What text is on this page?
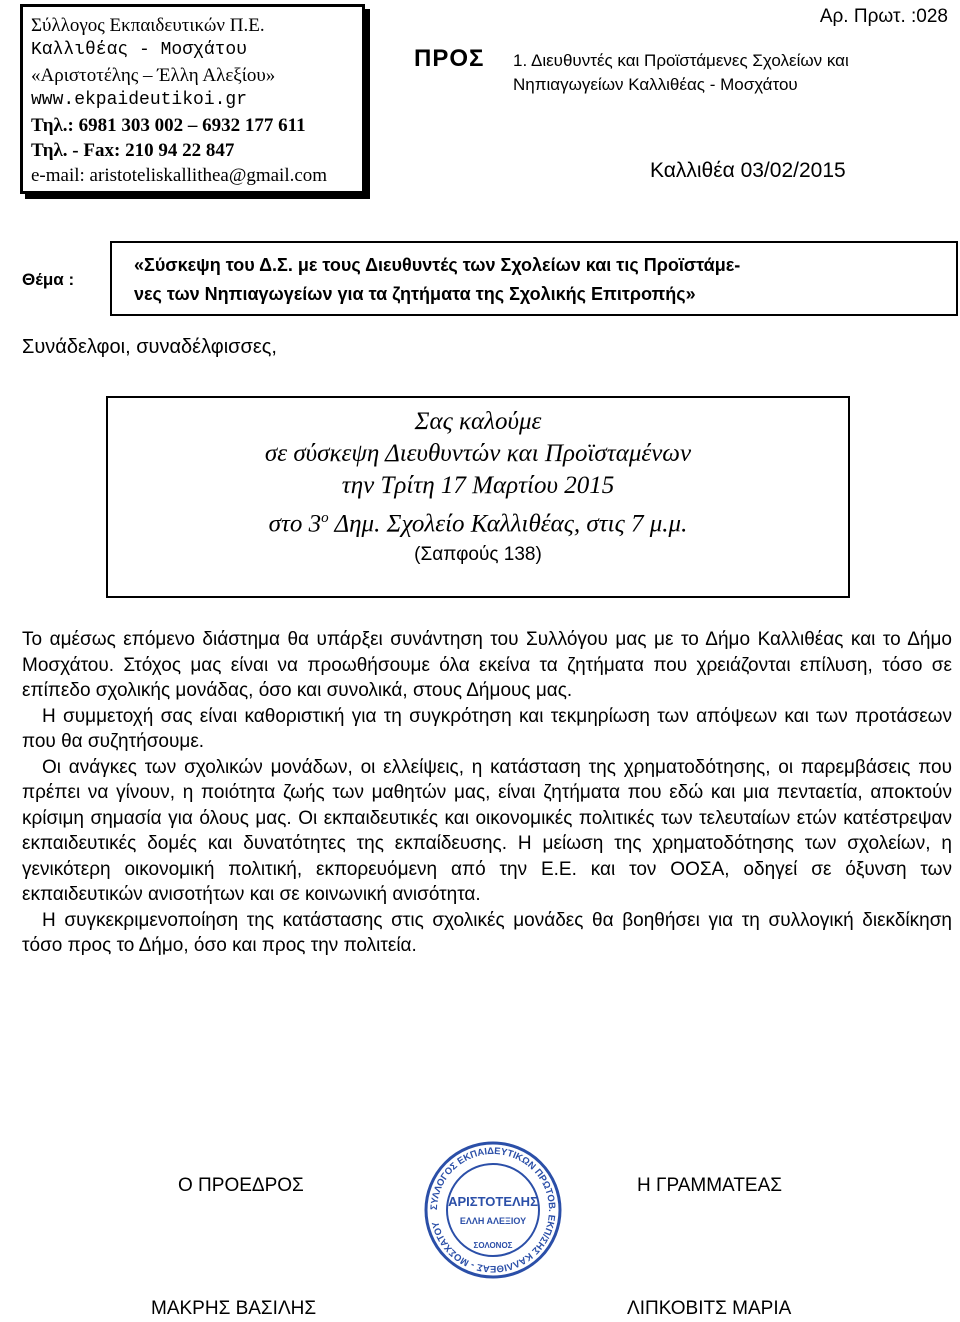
Σύλλογος Εκπαιδευτικών Π.Ε.
Καλλιθέας - Μοσχάτου
«Αριστοτέλης – Έλλη Αλεξίου»
www.ekpaideutikoi.gr
Τηλ.: 6981 303 002 – 6932 177 611
Τηλ. - Fax: 210 94 22 847
e-mail: aristoteliskallithea@gmail.com
Αρ. Πρωτ. :028
ΠΡΟΣ 1. Διευθυντές και Προϊστάμενες Σχολείων και
Νηπιαγωγείων Καλλιθέας - Μοσχάτου
Καλλιθέα 03/02/2015
Θέμα :
«Σύσκεψη του Δ.Σ. με τους Διευθυντές των Σχολείων και τις Προϊστάμε-
νες των Νηπιαγωγείων για τα ζητήματα της Σχολικής Επιτροπής»
Συνάδελφοι, συναδέλφισσες,
Σας καλούμε
σε σύσκεψη Διευθυντών και Προϊσταμένων
την Τρίτη 17 Μαρτίου 2015
στο $3^o$ Δημ. Σχολείο Καλλιθέας, στις 7 μ.μ.
(Σαπφούς 138)

Το αμέσως επόμενο διάστημα θα υπάρξει συνάντηση του Συλλόγου μας με το Δήμο Καλλιθέας και το Δήμο Μοσχάτου. Στόχος μας είναι να προωθήσουμε όλα εκείνα τα ζητήματα που χρειάζονται επίλυση, τόσο σε επίπεδο σχολικής μονάδας, όσο και συνολικά, στους Δήμους μας.

Η συμμετοχή σας είναι καθοριστική για τη συγκρότηση και τεκμηρίωση των απόψεων και των προτάσεων που θα συζητήσουμε.

Οι ανάγκες των σχολικών μονάδων, οι ελλείψεις, η κατάσταση της χρηματοδότησης, οι παρεμβάσεις που πρέπει να γίνουν, η ποιότητα ζωής των μαθητών μας, είναι ζητήματα που εδώ και μια πενταετία, αποκτούν κρίσιμη σημασία για όλους μας. Οι εκπαιδευτικές και οικονομικές πολιτικές των τελευταίων ετών κατέστρεψαν εκπαιδευτικές δομές και δυνατότητες της εκπαίδευσης. Η μείωση της χρηματοδότησης των σχολείων, η γενικότερη οικονομική πολιτική, εκπορευόμενη από την Ε.Ε. και τον ΟΟΣΑ, οδηγεί σε όξυνση των εκπαιδευτικών ανισοτήτων και σε κοινωνική ανισότητα.

Η συγκεκριμενοποίηση της κατάστασης στις σχολικές μονάδες θα βοηθήσει για τη συλλογική διεκδίκηση τόσο προς το Δήμο, όσο και προς την πολιτεία.

Ο ΠΡΟΕΔΡΟΣ	Η ΓΡΑΜΜΑΤΕΑΣ
ΜΑΚΡΗΣ ΒΑΣΙΛΗΣ	ΛΙΠΚΟΒΙΤΣ ΜΑΡΙΑ
ΣΥΛΛΟΓΟΣ ΕΚΠΑΙΔΕΥΤΙΚΩΝ ΠΡΩΤΟΒ. ΕΚΠ/ΣΗΣ ΚΑΛΛΙΘΕΑΣ - ΜΟΣΧΑΤΟΥ
ΑΡΙΣΤΟΤΕΛΗΣ
ΕΛΛΗ ΑΛΕΞΙΟΥ
ΣΟΛΟΝΟΣ
